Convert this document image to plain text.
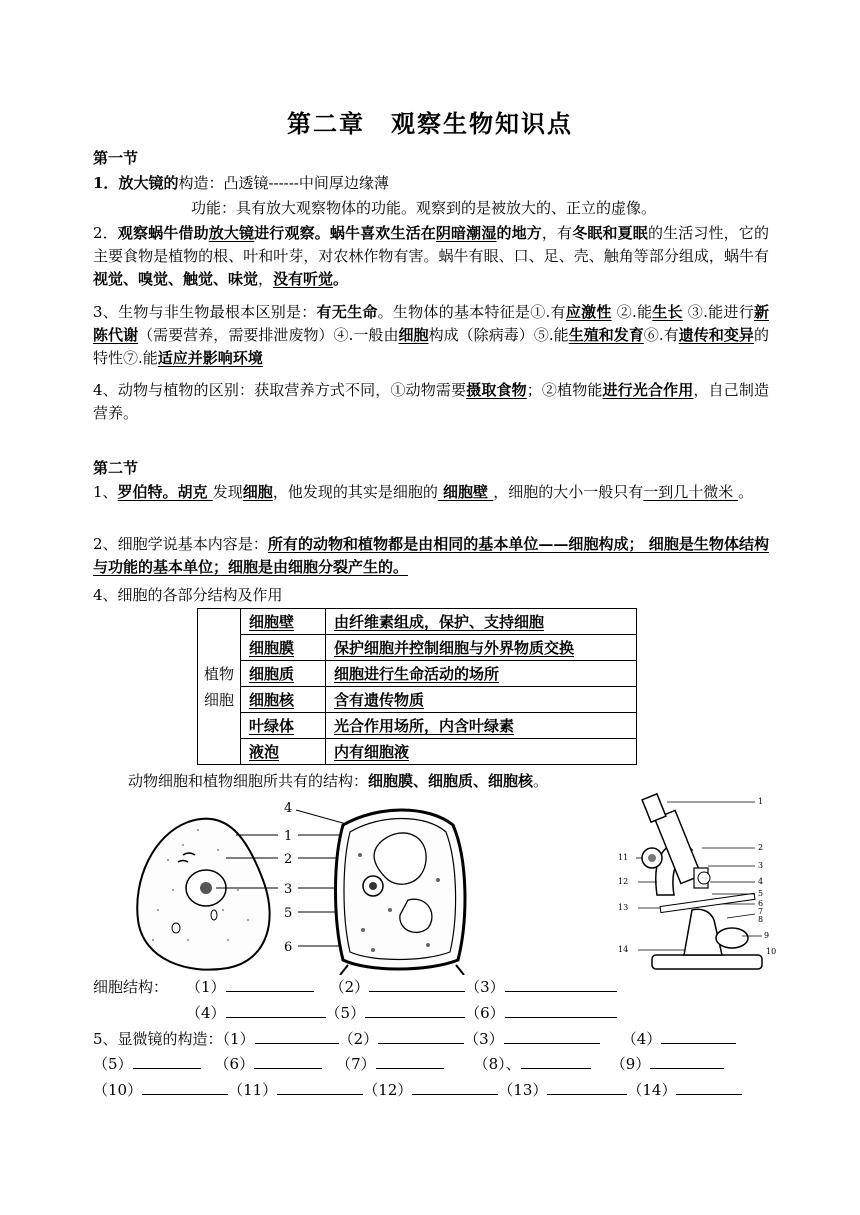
第二章　观察生物知识点
第一节
1．放大镜的构造：凸透镜------中间厚边缘薄
功能：具有放大观察物体的功能。观察到的是被放大的、正立的虚像。
2．观察蜗牛借助放大镜进行观察。蜗牛喜欢生活在阴暗潮湿的地方，有冬眠和夏眠的生活习性，它的主要食物是植物的根、叶和叶芽，对农林作物有害。蜗牛有眼、口、足、壳、触角等部分组成，蜗牛有视觉、嗅觉、触觉、味觉，没有听觉。
3、生物与非生物最根本区别是：有无生命。生物体的基本特征是①.有应激性 ②.能生长 ③.能进行新陈代谢（需要营养，需要排泄废物）④.一般由细胞构成（除病毒）⑤.能生殖和发育⑥.有遗传和变异的特性⑦.能适应并影响环境
4、动物与植物的区别：获取营养方式不同，①动物需要摄取食物；②植物能进行光合作用，自己制造营养。
第二节
1、罗伯特。胡克 发现细胞，他发现的其实是细胞的 细胞壁 ，细胞的大小一般只有一到几十微米 。
2、细胞学说基本内容是：所有的动物和植物都是由相同的基本单位——细胞构成； 细胞是生物体结构与功能的基本单位；细胞是由细胞分裂产生的。
4、细胞的各部分结构及作用
植物细胞	细胞壁	由纤维素组成，保护、支持细胞
	细胞膜	保护细胞并控制细胞与外界物质交换
	细胞质	细胞进行生命活动的场所
	细胞核	含有遗传物质
	叶绿体	光合作用场所，内含叶绿素
	液泡	内有细胞液
动物细胞和植物细胞所共有的结构：细胞膜、细胞质、细胞核。
4
1
2
3
5
6
1
2
3
4
5
6
7
8
9
10
11
12
13
14
细胞结构： （1）	（2）	（3）
（4）	（5）	（6）
5、显微镜的构造：（1）	（2）	（3）	（4）
（5）	（6）	（7）	（8）、	（9）
（10）	（11）	（12）	（13）	（14）
